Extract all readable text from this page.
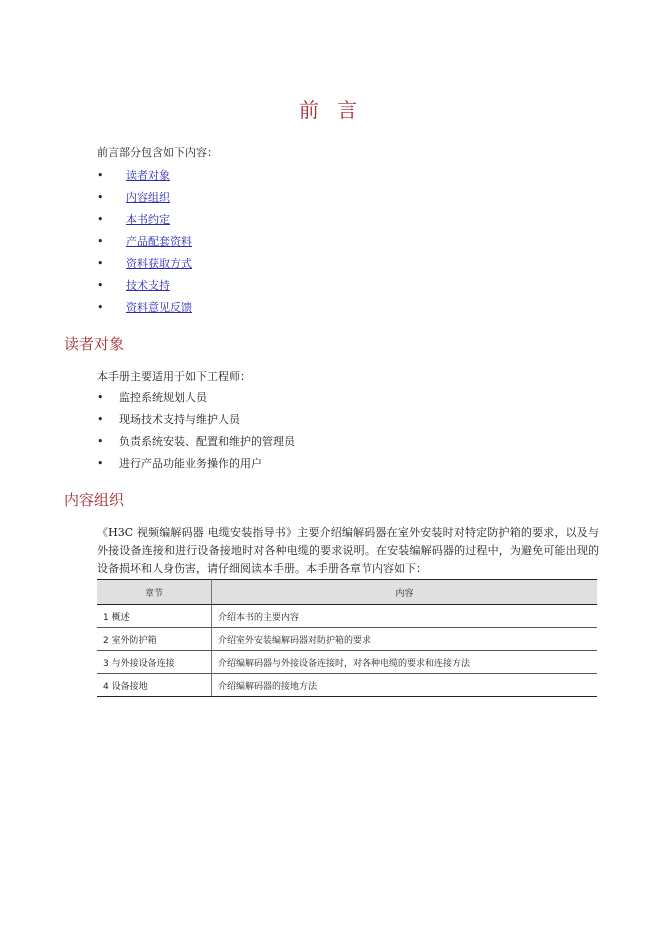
前 言
前言部分包含如下内容：
• 读者对象
• 内容组织
• 本书约定
• 产品配套资料
• 资料获取方式
• 技术支持
• 资料意见反馈
读者对象
本手册主要适用于如下工程师：
• 监控系统规划人员
• 现场技术支持与维护人员
• 负责系统安装、配置和维护的管理员
• 进行产品功能业务操作的用户
内容组织
《H3C 视频编解码器 电缆安装指导书》主要介绍编解码器在室外安装时对特定防护箱的要求，以及与外接设备连接和进行设备接地时对各种电缆的要求说明。在安装编解码器的过程中，为避免可能出现的设备损坏和人身伤害，请仔细阅读本手册。本手册各章节内容如下：
章节	内容
1 概述	介绍本书的主要内容
2 室外防护箱	介绍室外安装编解码器对防护箱的要求
3 与外接设备连接	介绍编解码器与外接设备连接时，对各种电缆的要求和连接方法
4 设备接地	介绍编解码器的接地方法
